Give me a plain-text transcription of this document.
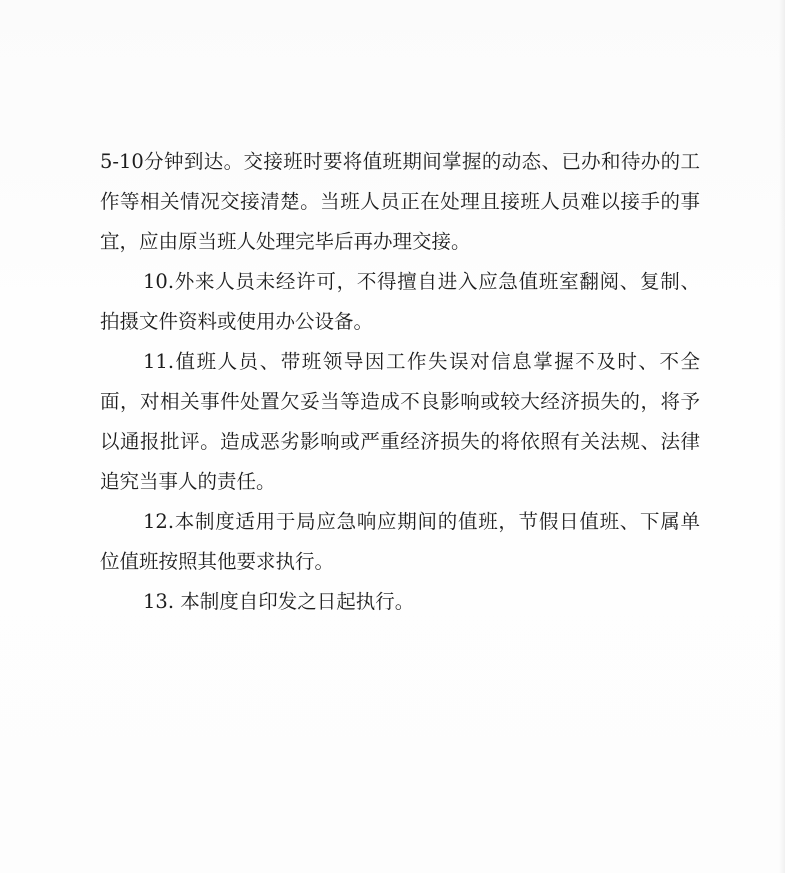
5-10分钟到达。交接班时要将值班期间掌握的动态、已办和待办的工作等相关情况交接清楚。当班人员正在处理且接班人员难以接手的事宜，应由原当班人处理完毕后再办理交接。

10.外来人员未经许可，不得擅自进入应急值班室翻阅、复制、拍摄文件资料或使用办公设备。

11.值班人员、带班领导因工作失误对信息掌握不及时、不全面，对相关事件处置欠妥当等造成不良影响或较大经济损失的，将予以通报批评。造成恶劣影响或严重经济损失的将依照有关法规、法律追究当事人的责任。

12.本制度适用于局应急响应期间的值班，节假日值班、下属单位值班按照其他要求执行。

13. 本制度自印发之日起执行。
